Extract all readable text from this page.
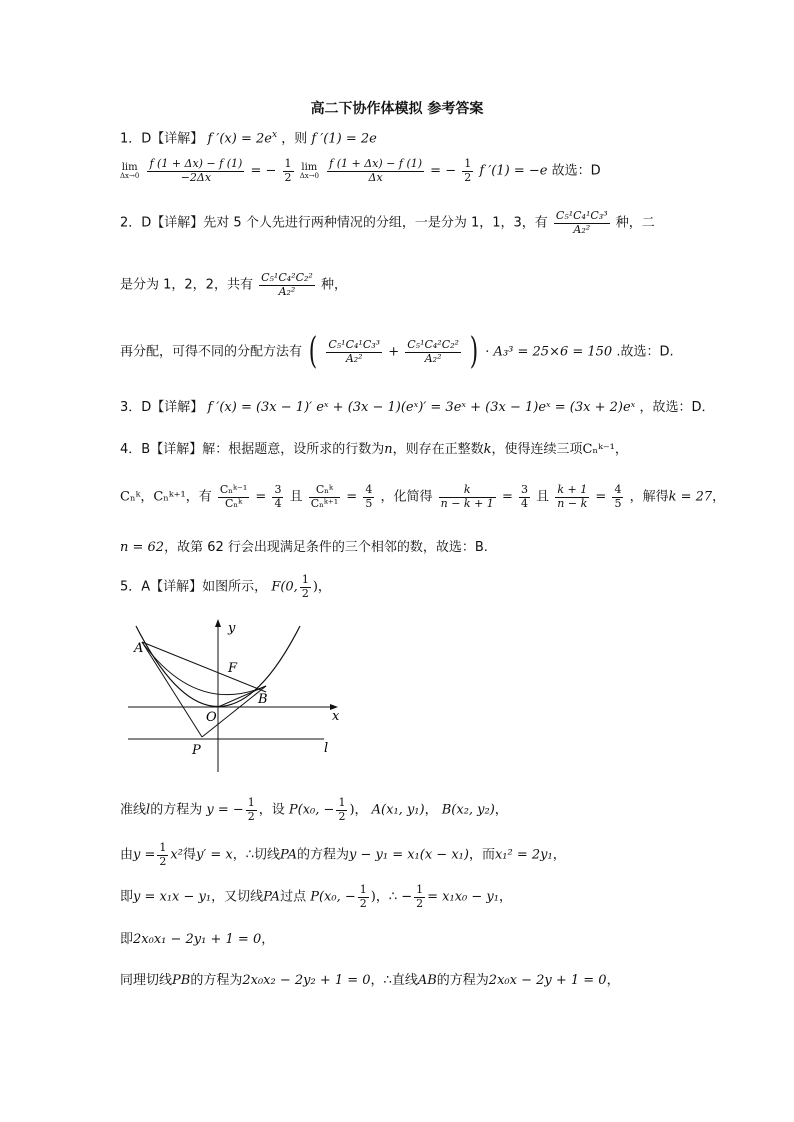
高二下协作体模拟 参考答案
1．D【详解】 f $'(x) = 2e^x$ ，则 f ′(1) = 2e
lim
Δx→0
$\frac{f (1 + \Delta x) - f (1)}{-2\Delta x}$ = − $\frac{1}{2}$
lim
Δx→0
$\frac{f (1 + \Delta x) - f (1)}{\Delta x}$ = − $\frac{1}{2}$ f ′(1) = −e 故选：D
2．D【详解】先对 5 个人先进行两种情况的分组，一是分为 1，1，3，有 $\frac{\text{C₅¹C₄¹C₃³}}{\text{A₂²}}$ 种，二
是分为 1，2，2，共有 $\frac{\text{C₅¹C₄²C₂²}}{\text{A₂²}}$ 种，
再分配，可得不同的分配方法有 ( $\frac{\text{C₅¹C₄¹C₃³}}{\text{A₂²}} + \frac{\text{C₅¹C₄²C₂²}}{\text{A₂²}}$ ) · A₃³ = 25×6 = 150 .故选：D.
3．D【详解】 f ′(x) = (3x − 1)′ eˣ + (3x − 1)(eˣ)′ = 3eˣ + (3x − 1)eˣ = (3x + 2)eˣ ，故选：D．
4．B【详解】解：根据题意，设所求的行数为n，则存在正整数k，使得连续三项Cₙᵏ⁻¹，
Cₙᵏ，Cₙᵏ⁺¹，有 $\frac{\text{Cₙᵏ⁻¹}}{\text{Cₙᵏ}} = \frac{3}{4}$ 且 $\frac{\text{Cₙᵏ}}{\text{Cₙᵏ⁺¹}} = \frac{4}{5}$ ，化简得 $\frac{k}{n - k + 1} = \frac{3}{4}$ 且 $\frac{k + 1}{n - k} = \frac{4}{5}$ ，解得k = 27，
n = 62，故第 62 行会出现满足条件的三个相邻的数，故选：B.
5．A【详解】如图所示， F(0, $\frac{1}{2}$ )，
y
x
A
F
B
O
P	l
准线l的方程为 y = − $\frac{1}{2}$ ，设 P(x₀, − $\frac{1}{2}$ )， A(x₁, y₁)， B(x₂, y₂)，
由$y = \frac{1}{2} x^2$得y′ = x，∴切线PA的方程为y − y₁ = x₁(x − x₁)，而x₁² = 2y₁，
即y = x₁x − y₁，又切线PA过点 P(x₀, − $\frac{1}{2}$ )，∴ − $\frac{1}{2} = x_1x_0 - y_1$，
即2x₀x₁ − 2y₁ + 1 = 0，
同理切线PB的方程为2x₀x₂ − 2y₂ + 1 = 0，∴直线AB的方程为2x₀x − 2y + 1 = 0，
